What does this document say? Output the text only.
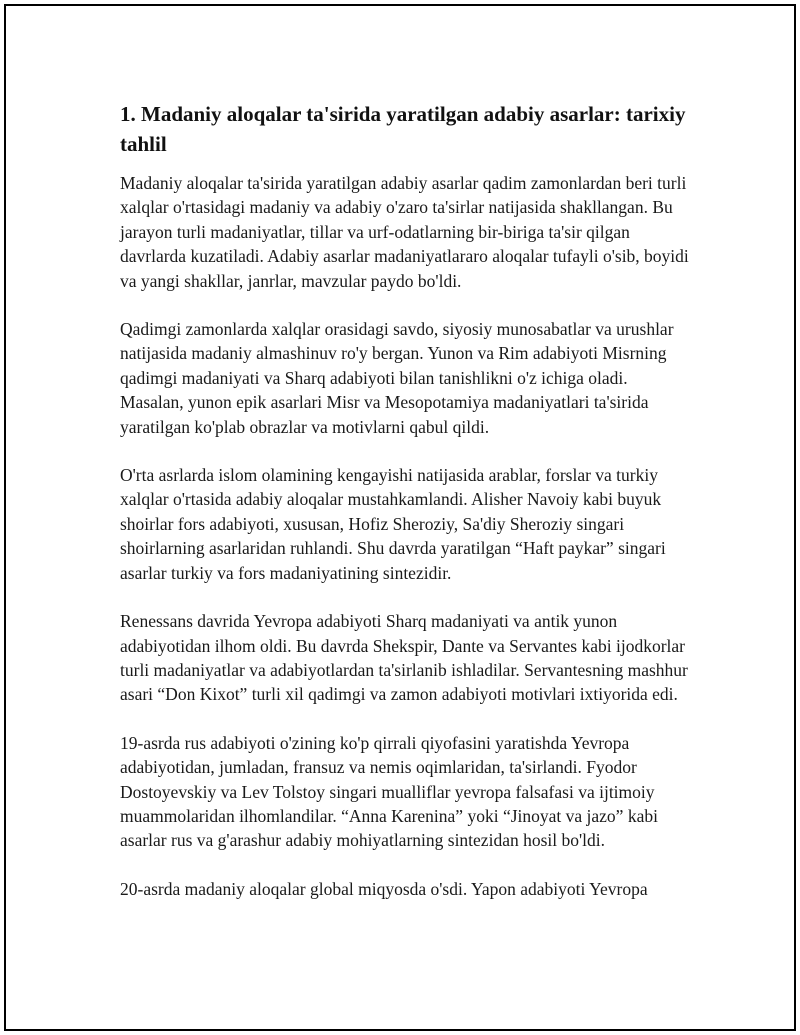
1. Madaniy aloqalar ta'sirida yaratilgan adabiy asarlar: tarixiy tahlil

Madaniy aloqalar ta'sirida yaratilgan adabiy asarlar qadim zamonlardan beri turli xalqlar o'rtasidagi madaniy va adabiy o'zaro ta'sirlar natijasida shakllangan. Bu jarayon turli madaniyatlar, tillar va urf-odatlarning bir-biriga ta'sir qilgan davrlarda kuzatiladi. Adabiy asarlar madaniyatlararo aloqalar tufayli o'sib, boyidi va yangi shakllar, janrlar, mavzular paydo bo'ldi.

Qadimgi zamonlarda xalqlar orasidagi savdo, siyosiy munosabatlar va urushlar natijasida madaniy almashinuv ro'y bergan. Yunon va Rim adabiyoti Misrning qadimgi madaniyati va Sharq adabiyoti bilan tanishlikni o'z ichiga oladi. Masalan, yunon epik asarlari Misr va Mesopotamiya madaniyatlari ta'sirida yaratilgan ko'plab obrazlar va motivlarni qabul qildi.

O'rta asrlarda islom olamining kengayishi natijasida arablar, forslar va turkiy xalqlar o'rtasida adabiy aloqalar mustahkamlandi. Alisher Navoiy kabi buyuk shoirlar fors adabiyoti, xususan, Hofiz Sheroziy, Sa'diy Sheroziy singari shoirlarning asarlaridan ruhlandi. Shu davrda yaratilgan “Haft paykar” singari asarlar turkiy va fors madaniyatining sintezidir.

Renessans davrida Yevropa adabiyoti Sharq madaniyati va antik yunon adabiyotidan ilhom oldi. Bu davrda Shekspir, Dante va Servantes kabi ijodkorlar turli madaniyatlar va adabiyotlardan ta'sirlanib ishladilar. Servantesning mashhur asari “Don Kixot” turli xil qadimgi va zamon adabiyoti motivlari ixtiyorida edi.

19-asrda rus adabiyoti o'zining ko'p qirrali qiyofasini yaratishda Yevropa adabiyotidan, jumladan, fransuz va nemis oqimlaridan, ta'sirlandi. Fyodor Dostoyevskiy va Lev Tolstoy singari mualliflar yevropa falsafasi va ijtimoiy muammolaridan ilhomlandilar. “Anna Karenina” yoki “Jinoyat va jazo” kabi asarlar rus va g'arashur adabiy mohiyatlarning sintezidan hosil bo'ldi.

20-asrda madaniy aloqalar global miqyosda o'sdi. Yapon adabiyoti Yevropa
